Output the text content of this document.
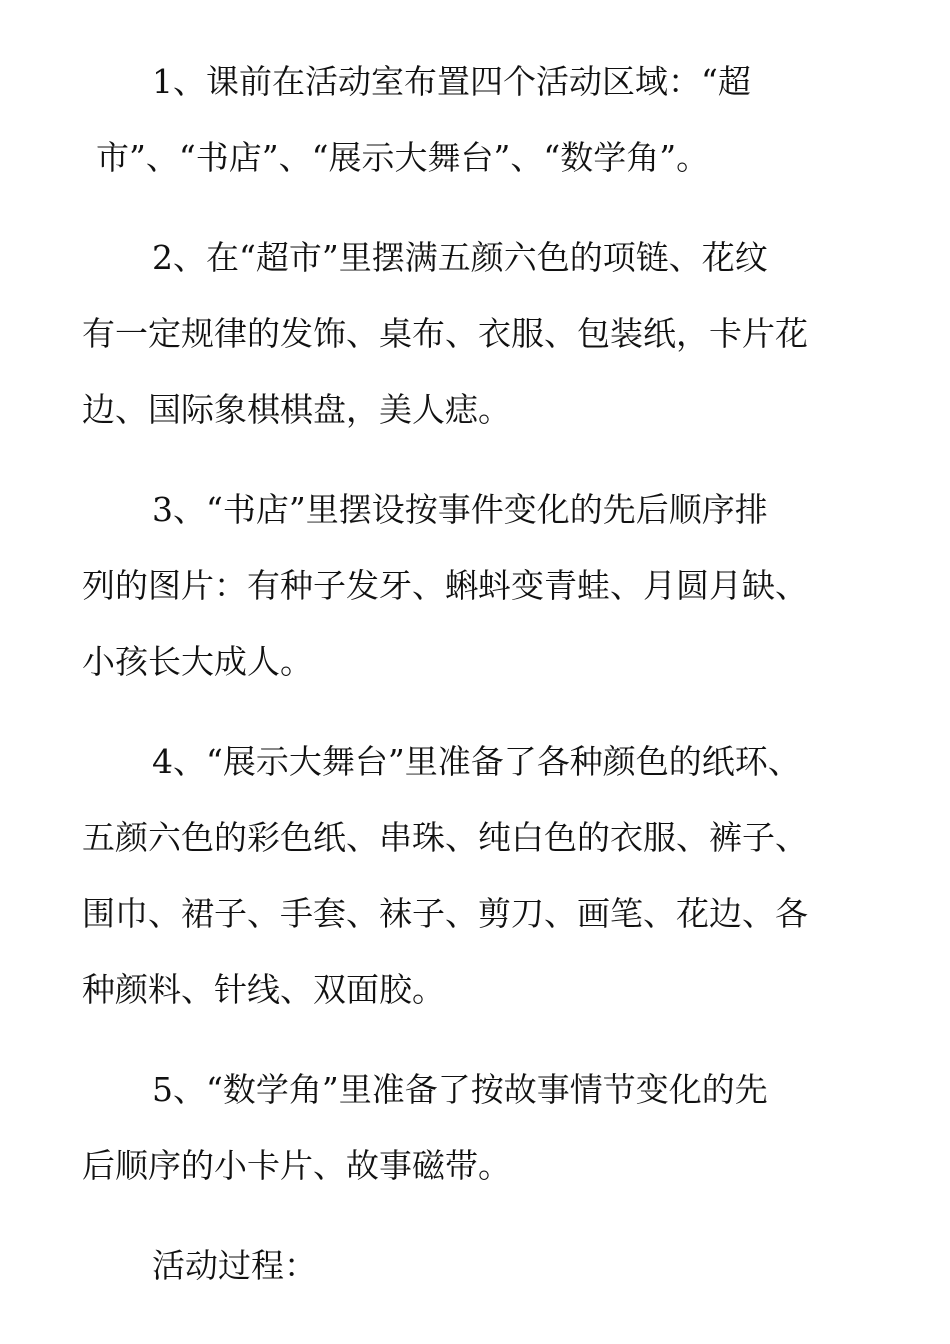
1、课前在活动室布置四个活动区域：“超
市”、“书店”、“展示大舞台”、“数学角”。
2、在“超市”里摆满五颜六色的项链、花纹
有一定规律的发饰、桌布、衣服、包装纸，卡片花
边、国际象棋棋盘，美人痣。
3、“书店”里摆设按事件变化的先后顺序排
列的图片：有种子发牙、蝌蚪变青蛙、月圆月缺、
小孩长大成人。
4、“展示大舞台”里准备了各种颜色的纸环、
五颜六色的彩色纸、串珠、纯白色的衣服、裤子、
围巾、裙子、手套、袜子、剪刀、画笔、花边、各
种颜料、针线、双面胶。
5、“数学角”里准备了按故事情节变化的先
后顺序的小卡片、故事磁带。
活动过程：
